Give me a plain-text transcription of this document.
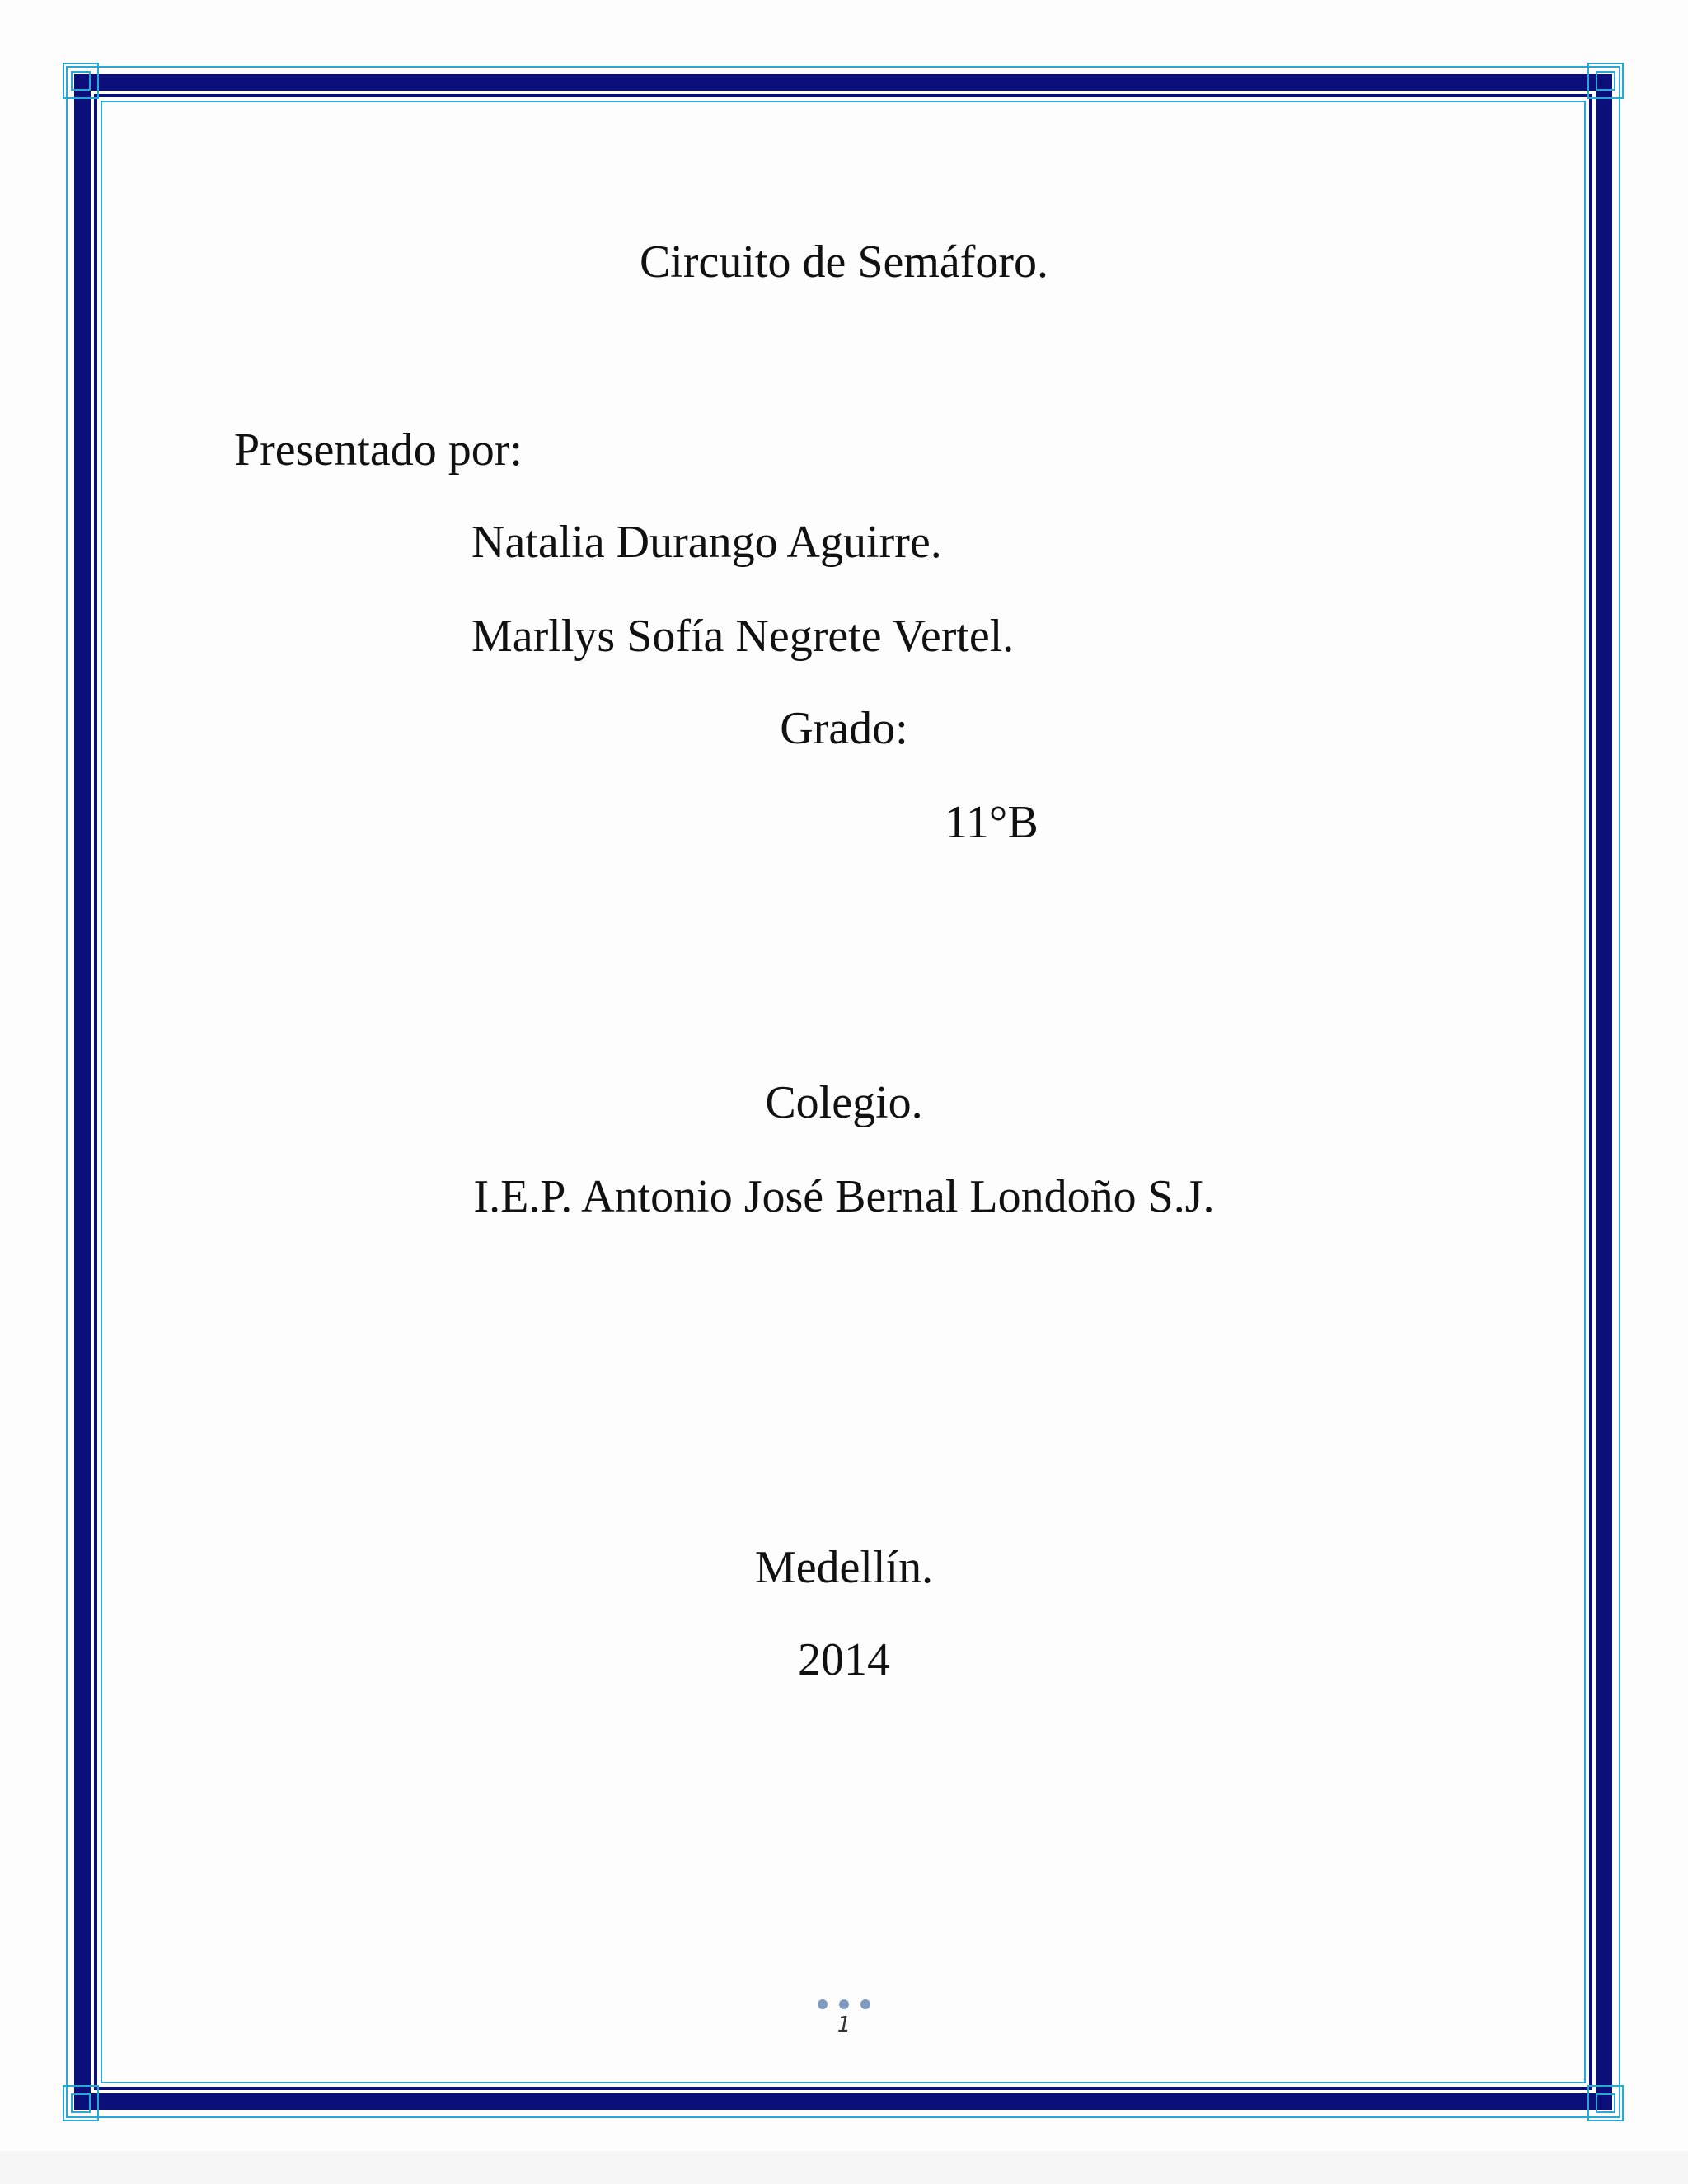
Circuito de Semáforo.
Presentado por:
Natalia Durango Aguirre.
Marllys Sofía Negrete Vertel.
Grado:
11°B
Colegio.
I.E.P. Antonio José Bernal Londoño S.J.
Medellín.
2014
1
